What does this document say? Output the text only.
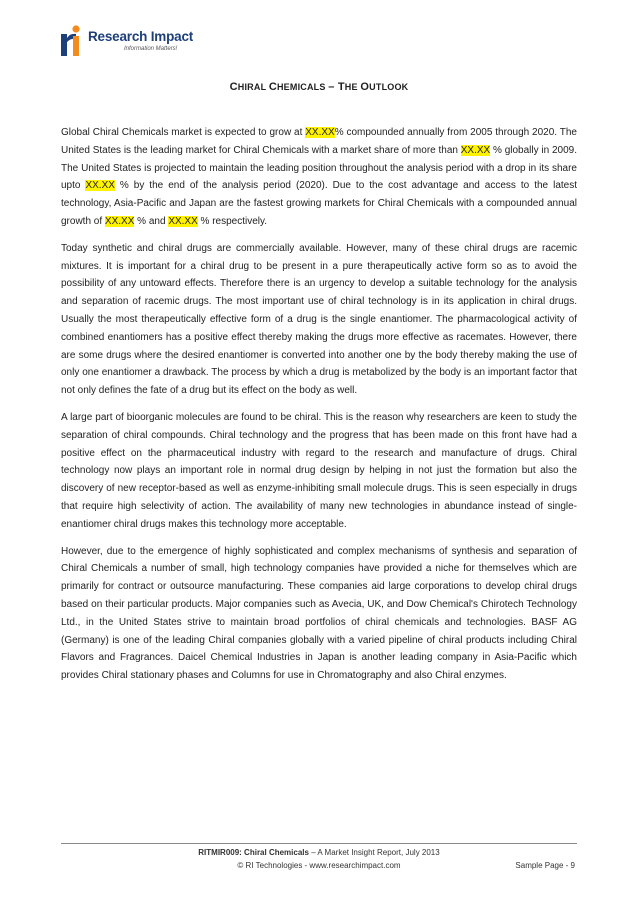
Research Impact
Information Matters!
CHIRAL CHEMICALS – THE OUTLOOK

Global Chiral Chemicals market is expected to grow at XX.XX% compounded annually from 2005 through 2020. The United States is the leading market for Chiral Chemicals with a market share of more than XX.XX % globally in 2009. The United States is projected to maintain the leading position throughout the analysis period with a drop in its share upto XX.XX % by the end of the analysis period (2020). Due to the cost advantage and access to the latest technology, Asia-Pacific and Japan are the fastest growing markets for Chiral Chemicals with a compounded annual growth of XX.XX % and XX.XX % respectively.

Today synthetic and chiral drugs are commercially available. However, many of these chiral drugs are racemic mixtures. It is important for a chiral drug to be present in a pure therapeutically active form so as to avoid the possibility of any untoward effects. Therefore there is an urgency to develop a suitable technology for the analysis and separation of racemic drugs. The most important use of chiral technology is in its application in chiral drugs. Usually the most therapeutically effective form of a drug is the single enantiomer. The pharmacological activity of combined enantiomers has a positive effect thereby making the drugs more effective as racemates. However, there are some drugs where the desired enantiomer is converted into another one by the body thereby making the use of only one enantiomer a drawback. The process by which a drug is metabolized by the body is an important factor that not only defines the fate of a drug but its effect on the body as well.

A large part of bioorganic molecules are found to be chiral. This is the reason why researchers are keen to study the separation of chiral compounds. Chiral technology and the progress that has been made on this front have had a positive effect on the pharmaceutical industry with regard to the research and manufacture of drugs. Chiral technology now plays an important role in normal drug design by helping in not just the formation but also the discovery of new receptor-based as well as enzyme-inhibiting small molecule drugs. This is seen especially in drugs that require high selectivity of action. The availability of many new technologies in abundance instead of single-enantiomer chiral drugs makes this technology more acceptable.

However, due to the emergence of highly sophisticated and complex mechanisms of synthesis and separation of Chiral Chemicals a number of small, high technology companies have provided a niche for themselves which are primarily for contract or outsource manufacturing. These companies aid large corporations to develop chiral drugs based on their particular products. Major companies such as Avecia, UK, and Dow Chemical's Chirotech Technology Ltd., in the United States strive to maintain broad portfolios of chiral chemicals and technologies. BASF AG (Germany) is one of the leading Chiral companies globally with a varied pipeline of chiral products including Chiral Flavors and Fragrances. Daicel Chemical Industries in Japan is another leading company in Asia-Pacific which provides Chiral stationary phases and Columns for use in Chromatography and also Chiral enzymes.

RITMIR009: Chiral Chemicals – A Market Insight Report, July 2013
© RI Technologies - www.researchimpact.com	Sample Page - 9
